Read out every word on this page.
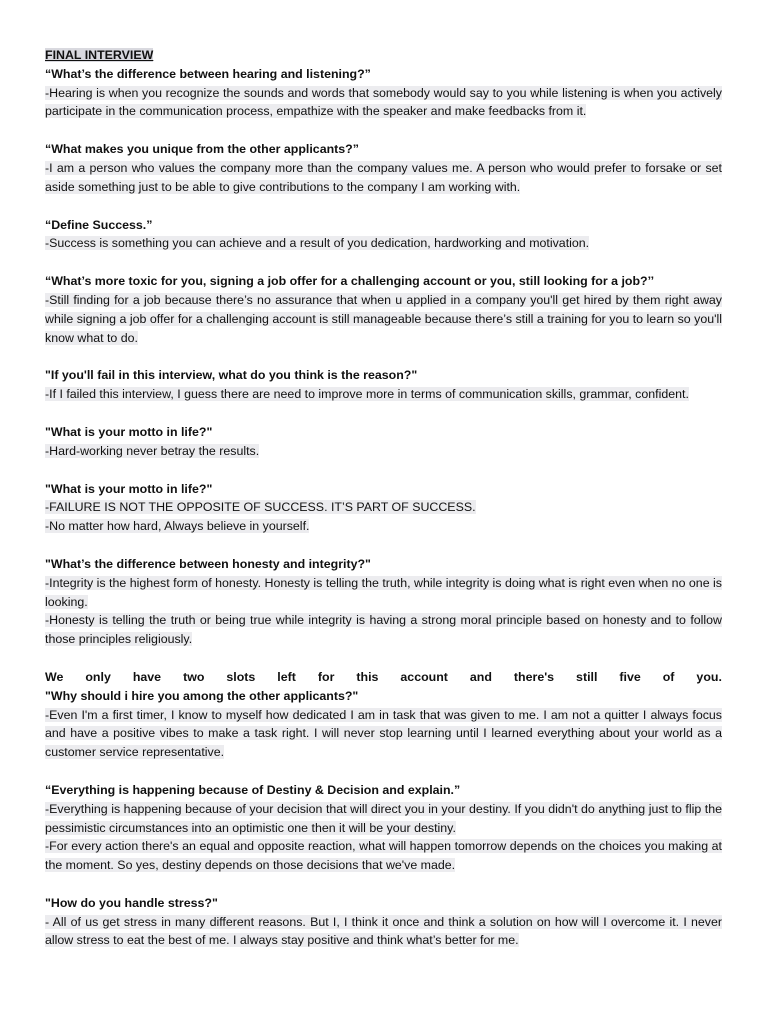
FINAL INTERVIEW

“What’s the difference between hearing and listening?”

-Hearing is when you recognize the sounds and words that somebody would say to you while listening is when you actively participate in the communication process, empathize with the speaker and make feedbacks from it.

“What makes you unique from the other applicants?”

-I am a person who values the company more than the company values me. A person who would prefer to forsake or set aside something just to be able to give contributions to the company I am working with.

“Define Success.”

-Success is something you can achieve and a result of you dedication, hardworking and motivation.

“What’s more toxic for you, signing a job offer for a challenging account or you, still looking for a job?’’

-Still finding for a job because there’s no assurance that when u applied in a company you'll get hired by them right away while signing a job offer for a challenging account is still manageable because there’s still a training for you to learn so you'll know what to do.

"If you'll fail in this interview, what do you think is the reason?"

-If I failed this interview, I guess there are need to improve more in terms of communication skills, grammar, confident.

"What is your motto in life?"

-Hard-working never betray the results.

"What is your motto in life?"

-FAILURE IS NOT THE OPPOSITE OF SUCCESS. IT’S PART OF SUCCESS.

-No matter how hard, Always believe in yourself.

"What’s the difference between honesty and integrity?"

-Integrity is the highest form of honesty. Honesty is telling the truth, while integrity is doing what is right even when no one is looking.

-Honesty is telling the truth or being true while integrity is having a strong moral principle based on honesty and to follow those principles religiously.

We only have two slots left for this account and there's still five of you.

"Why should i hire you among the other applicants?"

-Even I'm a first timer, I know to myself how dedicated I am in task that was given to me. I am not a quitter I always focus and have a positive vibes to make a task right. I will never stop learning until I learned everything about your world as a customer service representative.

“Everything is happening because of Destiny & Decision and explain.”

-Everything is happening because of your decision that will direct you in your destiny. If you didn't do anything just to flip the pessimistic circumstances into an optimistic one then it will be your destiny.

-For every action there's an equal and opposite reaction, what will happen tomorrow depends on the choices you making at the moment. So yes, destiny depends on those decisions that we've made.

"How do you handle stress?"

- All of us get stress in many different reasons. But I, I think it once and think a solution on how will I overcome it. I never allow stress to eat the best of me. I always stay positive and think what’s better for me.
